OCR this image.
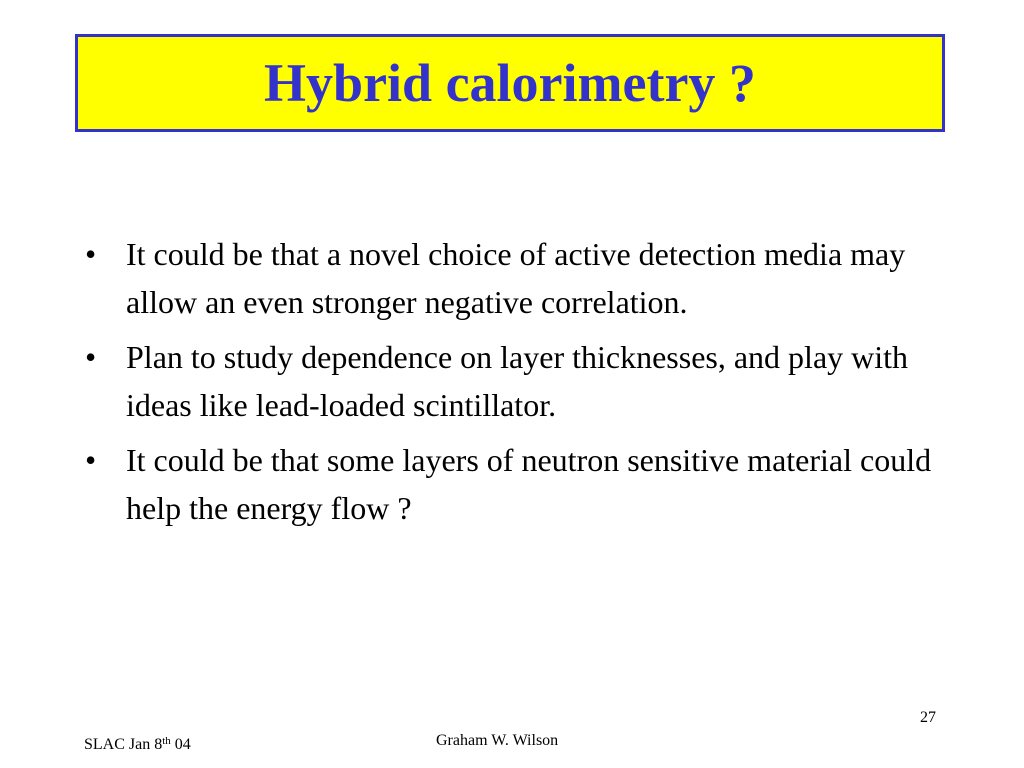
Hybrid calorimetry ?
• It could be that a novel choice of active detection media may allow an even stronger negative correlation.
• Plan to study dependence on layer thicknesses, and play with ideas like lead-loaded scintillator.
• It could be that some layers of neutron sensitive material could help the energy flow ?
27
SLAC Jan 8th 04	Graham W. Wilson
